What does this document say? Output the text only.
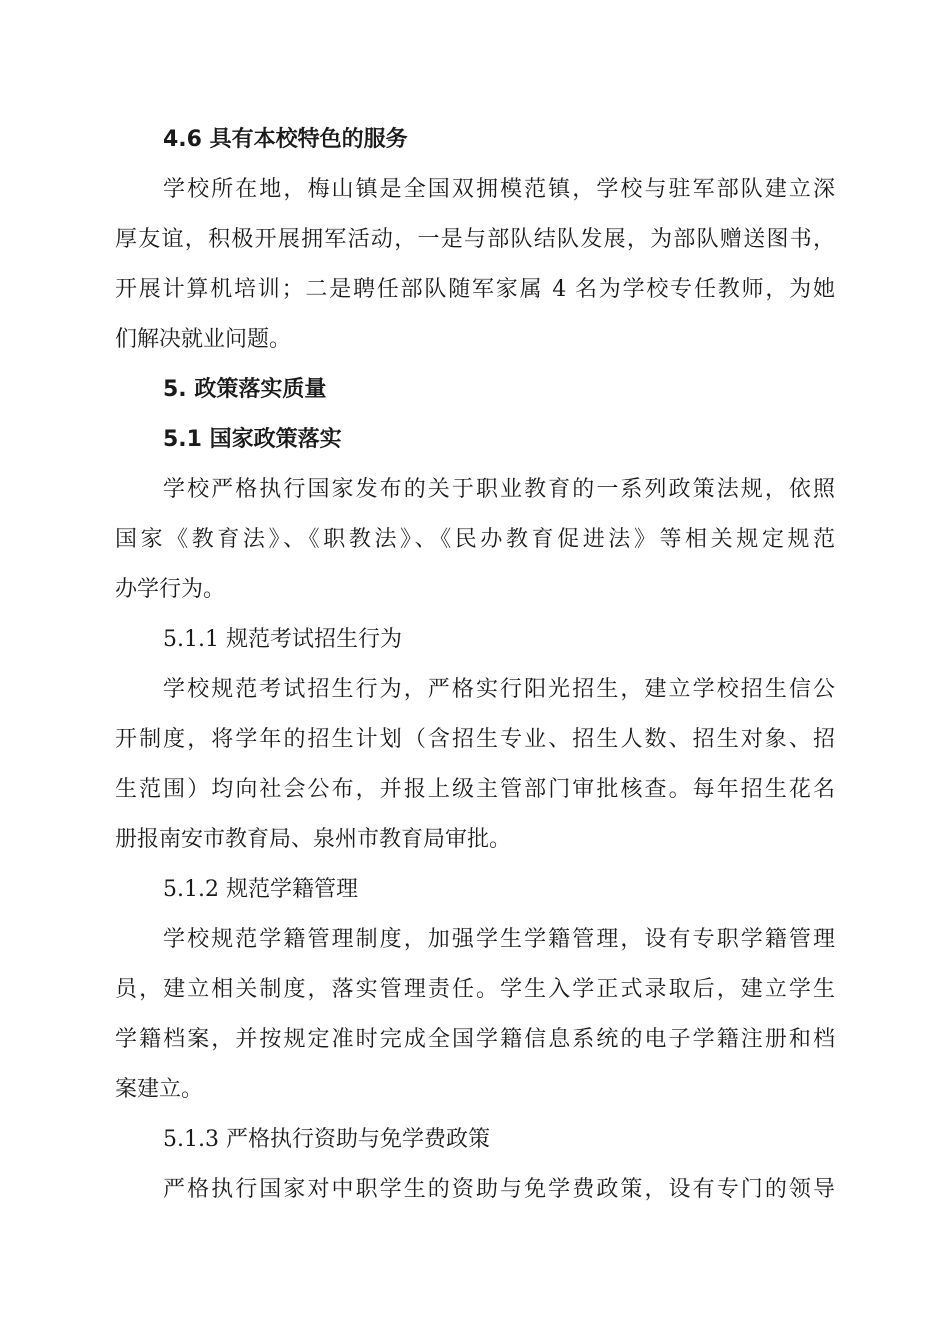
4.6 具有本校特色的服务
学校所在地，梅山镇是全国双拥模范镇，学校与驻军部队建立深
厚友谊，积极开展拥军活动，一是与部队结队发展，为部队赠送图书，
开展计算机培训；二是聘任部队随军家属 4 名为学校专任教师，为她
们解决就业问题。
5. 政策落实质量
5.1 国家政策落实
学校严格执行国家发布的关于职业教育的一系列政策法规，依照
国家《教育法》、《职教法》、《民办教育促进法》等相关规定规范
办学行为。
5.1.1 规范考试招生行为
学校规范考试招生行为，严格实行阳光招生，建立学校招生信公
开制度，将学年的招生计划（含招生专业、招生人数、招生对象、招
生范围）均向社会公布，并报上级主管部门审批核查。每年招生花名
册报南安市教育局、泉州市教育局审批。
5.1.2 规范学籍管理
学校规范学籍管理制度，加强学生学籍管理，设有专职学籍管理
员，建立相关制度，落实管理责任。学生入学正式录取后，建立学生
学籍档案，并按规定准时完成全国学籍信息系统的电子学籍注册和档
案建立。
5.1.3 严格执行资助与免学费政策
严格执行国家对中职学生的资助与免学费政策，设有专门的领导
